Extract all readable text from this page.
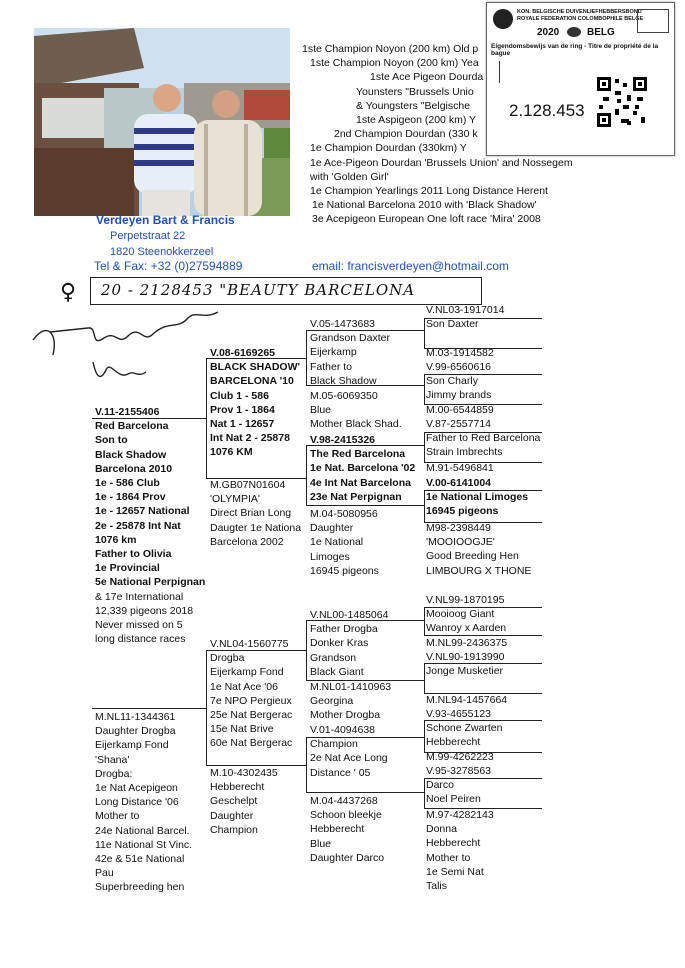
1ste Champion Noyon (200 km) Old p
1ste Champion Noyon (200 km) Yea
1ste Ace Pigeon Dourda
Younsters "Brussels Unio
& Youngsters "Belgische
1ste Aspigeon (200 km) Y
2nd Champion Dourdan (330 k
1e Champion Dourdan (330km) Y
1e Ace-Pigeon Dourdan 'Brussels Union' and Nossegem
with 'Golden Girl'
1e Champion Yearlings 2011 Long Distance Herent
1e National Barcelona 2010 with 'Black Shadow'
3e Acepigeon European One loft race 'Mira' 2008
KON. BELGISCHE DUIVENLIEFHEBBERSBOND
ROYALE FEDERATION COLOMBOPHILE BELGE
2020	BELG
Eigendomsbewijs van de ring - Titre de propriété de la bague
2.128.453
Verdeyen Bart & Francis
Perpetstraat 22
1820 Steenokkerzeel
Tel & Fax: +32 (0)27594889	email: francisverdeyen@hotmail.com
♀ 20 - 2128453 "BEAUTY BARCELONA
V.11-2155406
Red Barcelona
Son to
Black Shadow
Barcelona 2010
1e - 586 Club
1e - 1864 Prov
1e - 12657 National
2e - 25878 Int Nat
1076 km
Father to Olivia
1e Provincial
5e National Perpignan
& 17e International
12,339 pigeons 2018
Never missed on 5
long distance races
M.NL11-1344361
Daughter Drogba
Eijerkamp Fond
'Shana'
Drogba:
1e Nat Acepigeon
Long Distance '06
Mother to
24e National Barcel.
11e National St Vinc.
42e & 51e National
Pau
Superbreeding hen
V.08-6169265
BLACK SHADOW'
BARCELONA '10
Club 1 - 586
Prov 1 - 1864
Nat 1 - 12657
Int Nat 2 - 25878
1076 KM
M.GB07N01604
'OLYMPIA'
Direct Brian Long
Daugter 1e Nationa
Barcelona 2002
V.NL04-1560775
Drogba
Eijerkamp Fond
1e Nat Ace '06
7e NPO Pergieux
25e Nat Bergerac
15e Nat Brive
60e Nat Bergerac
M.10-4302435
Hebberecht
Geschelpt
Daughter
Champion
V.05-1473683
Grandson Daxter
Eijerkamp
Father to
Black Shadow
M.05-6069350
Blue
Mother Black Shad.
V.98-2415326
The Red Barcelona
1e Nat. Barcelona '02
4e Int Nat Barcelona
23e Nat Perpignan
M.04-5080956
Daughter
1e National
Limoges
16945 pigeons
V.NL00-1485064
Father Drogba
Donker Kras
Grandson
Black Giant
M.NL01-1410963
Georgina
Mother Drogba
V.01-4094638
Champion
2e Nat Ace Long
Distance ' 05
M.04-4437268
Schoon bleekje
Hebberecht
Blue
Daughter Darco
V.NL03-1917014
Son Daxter
M.03-1914582
V.99-6560616
Son Charly
Jimmy brands
M.00-6544859
V.87-2557714
Father to Red Barcelona
Strain Imbrechts
M.91-5496841
V.00-6141004
1e National Limoges
16945 pigeons
M98-2398449
'MOOIOOGJE'
Good Breeding Hen
LIMBOURG X THONE
V.NL99-1870195
Mooioog Giant
Wanroy x Aarden
M.NL99-2436375
V.NL90-1913990
Jonge Musketier
M.NL94-1457664
V.93-4655123
Schone Zwarten
Hebberecht
M.99-4262223
V.95-3278563
Darco
Noel Peiren
M.97-4282143
Donna
Hebberecht
Mother to
1e Semi Nat
Talis
